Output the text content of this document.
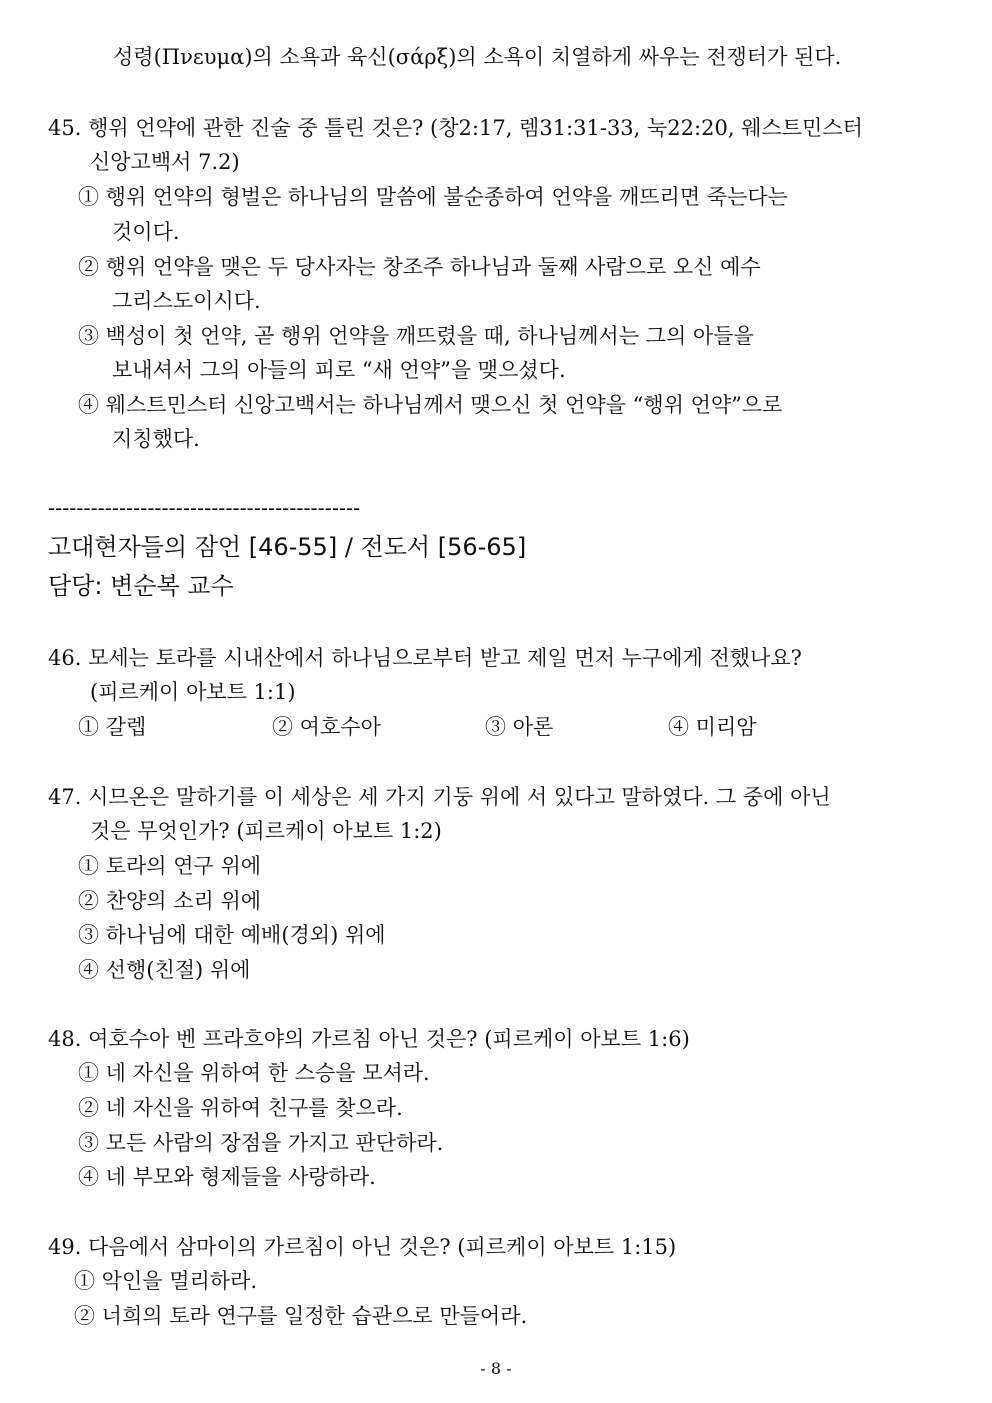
성령(Πνευμα)의 소욕과 육신(σάρξ)의 소욕이 치열하게 싸우는 전쟁터가 된다.
45. 행위 언약에 관한 진술 중 틀린 것은? (창2:17, 렘31:31-33, 눅22:20, 웨스트민스터
신앙고백서 7.2)
① 행위 언약의 형벌은 하나님의 말씀에 불순종하여 언약을 깨뜨리면 죽는다는
것이다.
② 행위 언약을 맺은 두 당사자는 창조주 하나님과 둘째 사람으로 오신 예수
그리스도이시다.
③ 백성이 첫 언약, 곧 행위 언약을 깨뜨렸을 때, 하나님께서는 그의 아들을
보내셔서 그의 아들의 피로 “새 언약”을 맺으셨다.
④ 웨스트민스터 신앙고백서는 하나님께서 맺으신 첫 언약을 “행위 언약”으로
지칭했다.
--------------------------------------------
고대현자들의 잠언 [46-55] / 전도서 [56-65]
담당: 변순복 교수
46. 모세는 토라를 시내산에서 하나님으로부터 받고 제일 먼저 누구에게 전했나요?
(피르케이 아보트 1:1)
① 갈렙	② 여호수아	③ 아론	④ 미리암
47. 시므온은 말하기를 이 세상은 세 가지 기둥 위에 서 있다고 말하였다. 그 중에 아닌
것은 무엇인가? (피르케이 아보트 1:2)
① 토라의 연구 위에
② 찬양의 소리 위에
③ 하나님에 대한 예배(경외) 위에
④ 선행(친절) 위에
48. 여호수아 벤 프라흐야의 가르침 아닌 것은? (피르케이 아보트 1:6)
① 네 자신을 위하여 한 스승을 모셔라.
② 네 자신을 위하여 친구를 찾으라.
③ 모든 사람의 장점을 가지고 판단하라.
④ 네 부모와 형제들을 사랑하라.
49. 다음에서 삼마이의 가르침이 아닌 것은? (피르케이 아보트 1:15)
① 악인을 멀리하라.
② 너희의 토라 연구를 일정한 습관으로 만들어라.
- 8 -
